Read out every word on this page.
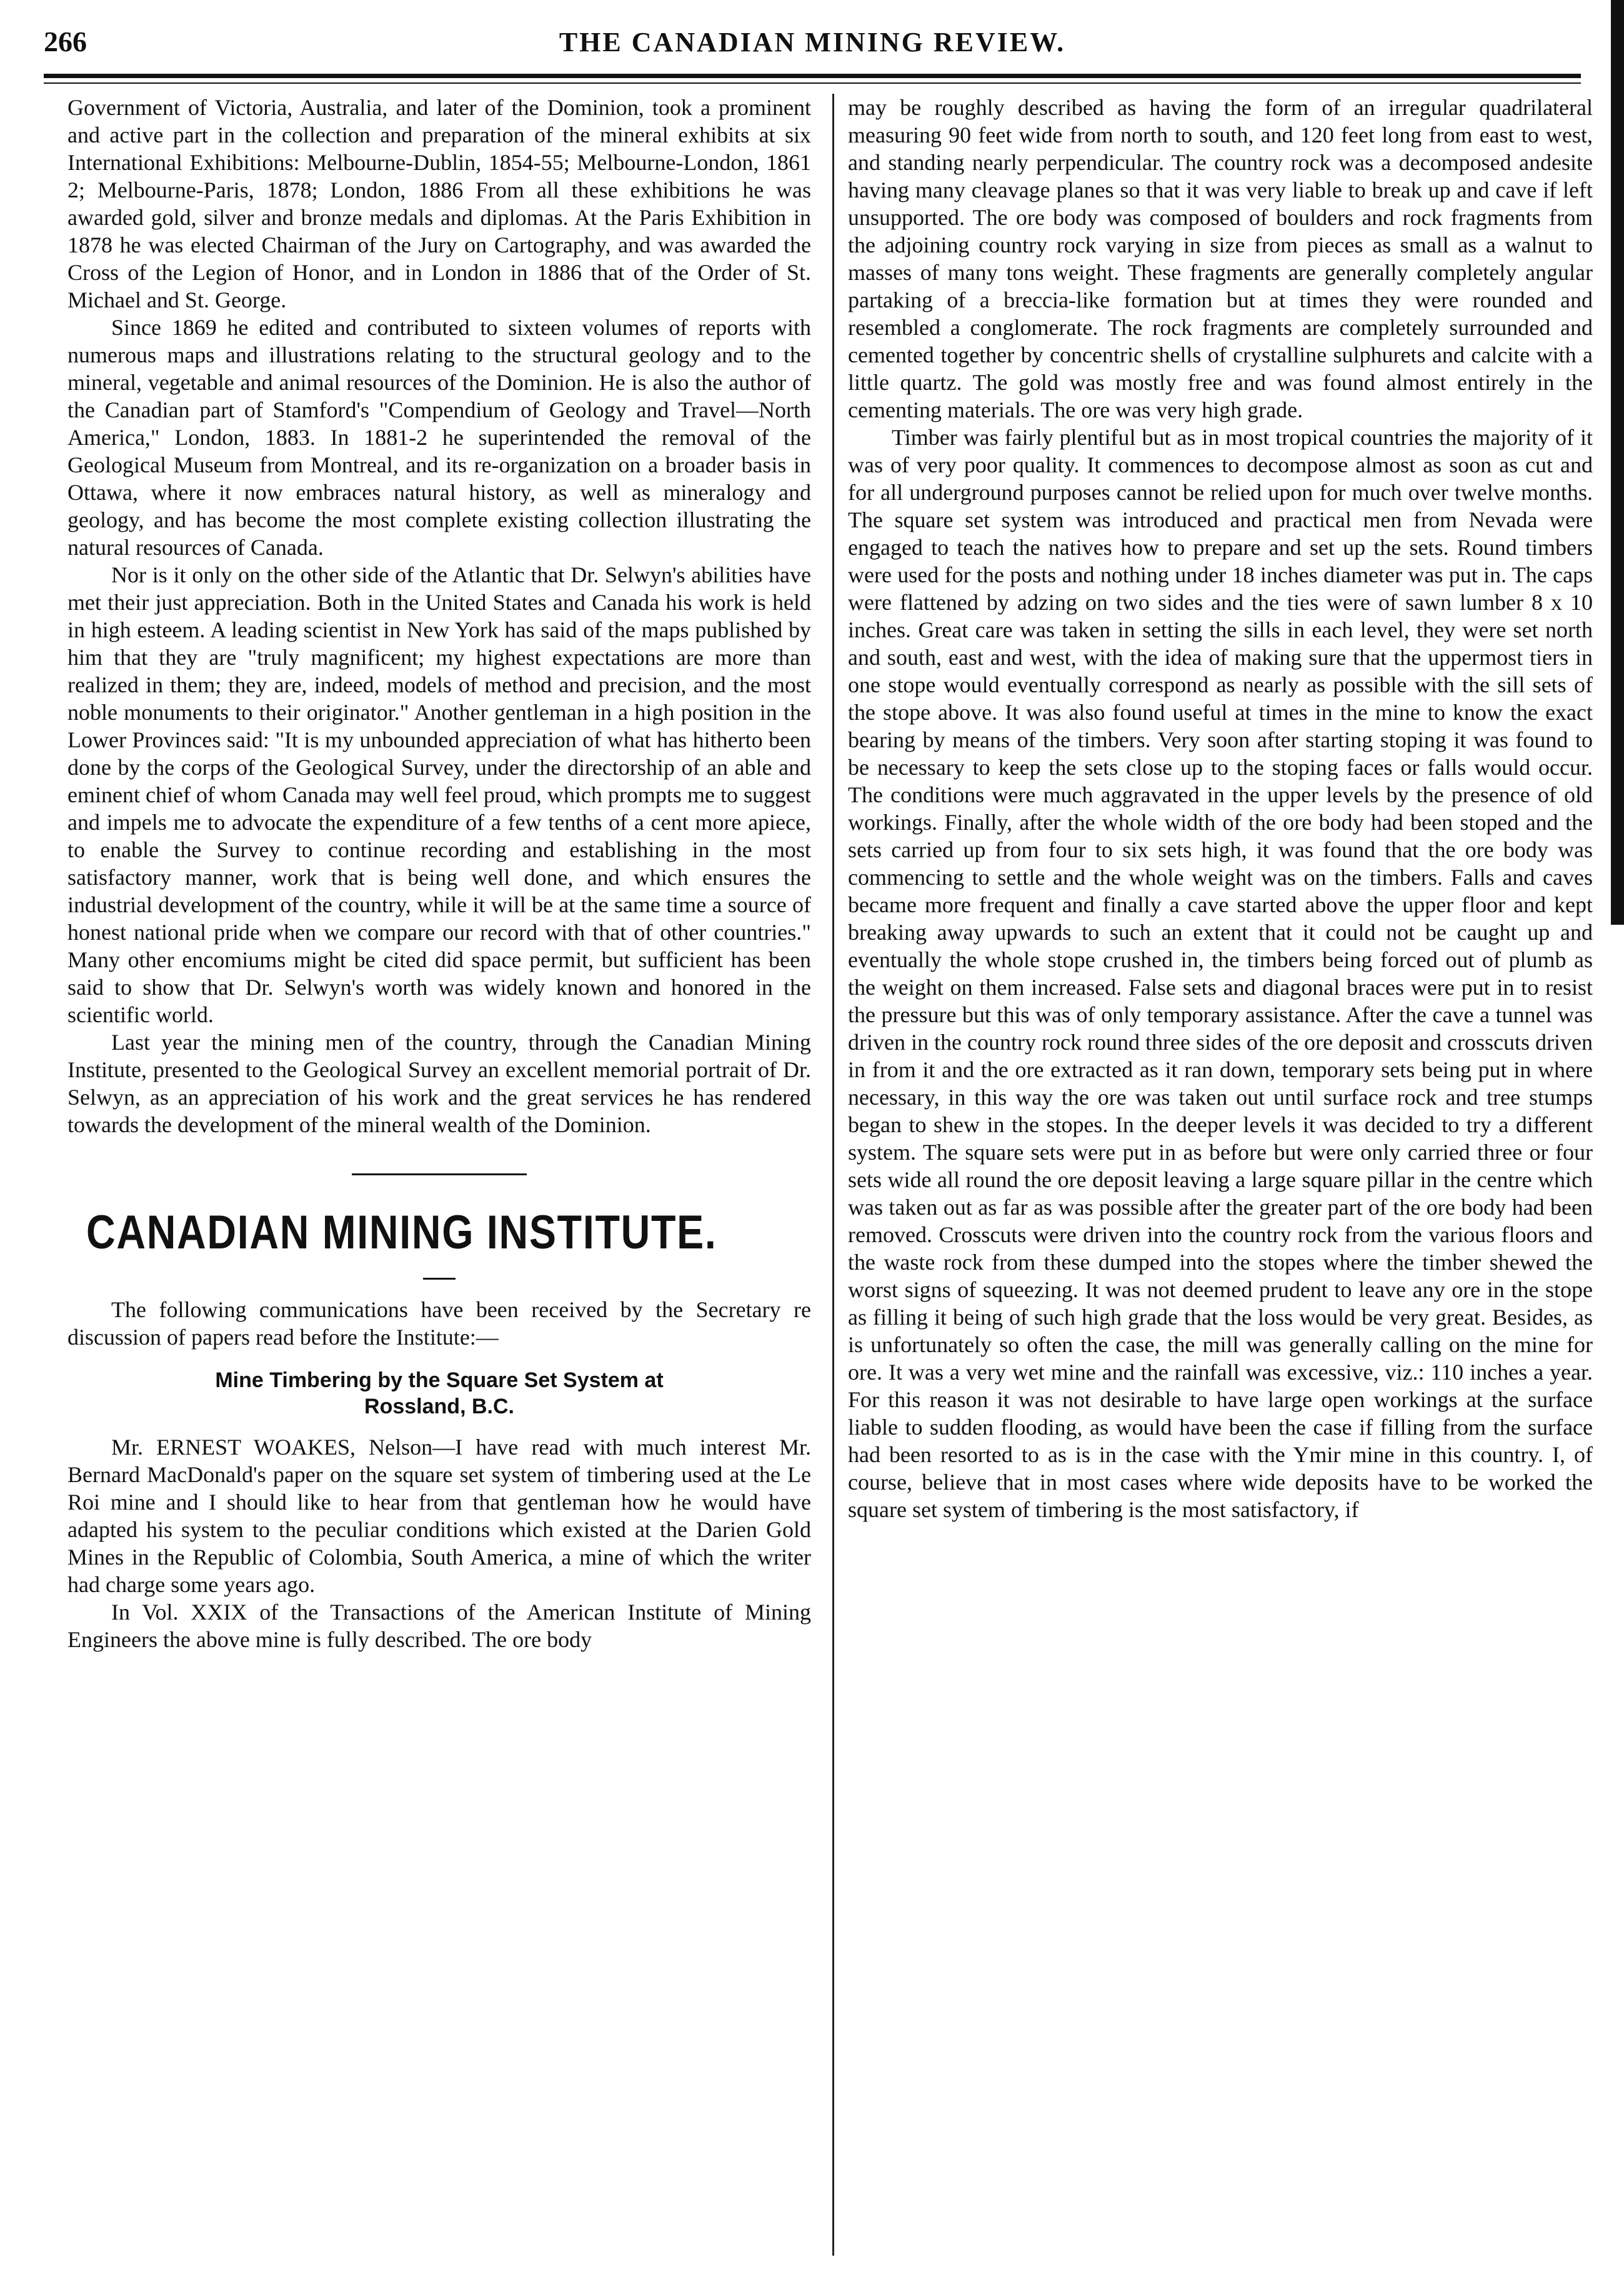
266	THE CANADIAN MINING REVIEW.

Government of Victoria, Australia, and later of the Dominion, took a prominent and active part in the collection and preparation of the mineral exhibits at six International Exhibitions: Melbourne-Dublin, 1854-55; Melbourne-London, 1861 2; Melbourne-Paris, 1878; London, 1886 From all these exhibitions he was awarded gold, silver and bronze medals and diplomas. At the Paris Exhibition in 1878 he was elected Chairman of the Jury on Cartography, and was awarded the Cross of the Legion of Honor, and in London in 1886 that of the Order of St. Michael and St. George.

Since 1869 he edited and contributed to sixteen volumes of reports with numerous maps and illustrations relating to the structural geology and to the mineral, vegetable and animal resources of the Dominion. He is also the author of the Canadian part of Stamford's "Compendium of Geology and Travel—North America," London, 1883. In 1881-2 he superintended the removal of the Geological Museum from Montreal, and its re-organization on a broader basis in Ottawa, where it now embraces natural history, as well as mineralogy and geology, and has become the most complete existing collection illustrating the natural resources of Canada.

Nor is it only on the other side of the Atlantic that Dr. Selwyn's abilities have met their just appreciation. Both in the United States and Canada his work is held in high esteem. A leading scientist in New York has said of the maps published by him that they are "truly magnificent; my highest expectations are more than realized in them; they are, indeed, models of method and precision, and the most noble monuments to their originator." Another gentleman in a high position in the Lower Provinces said: "It is my unbounded appreciation of what has hitherto been done by the corps of the Geological Survey, under the directorship of an able and eminent chief of whom Canada may well feel proud, which prompts me to suggest and impels me to advocate the expenditure of a few tenths of a cent more apiece, to enable the Survey to continue recording and establishing in the most satisfactory manner, work that is being well done, and which ensures the industrial development of the country, while it will be at the same time a source of honest national pride when we compare our record with that of other countries." Many other encomiums might be cited did space permit, but sufficient has been said to show that Dr. Selwyn's worth was widely known and honored in the scientific world.

Last year the mining men of the country, through the Canadian Mining Institute, presented to the Geological Survey an excellent memorial portrait of Dr. Selwyn, as an appreciation of his work and the great services he has rendered towards the development of the mineral wealth of the Dominion.

CANADIAN MINING INSTITUTE.

The following communications have been received by the Secretary re discussion of papers read before the Institute:—

Mine Timbering by the Square Set System at
Rossland, B.C.

Mr. ERNEST WOAKES, Nelson—I have read with much interest Mr. Bernard MacDonald's paper on the square set system of timbering used at the Le Roi mine and I should like to hear from that gentleman how he would have adapted his system to the peculiar conditions which existed at the Darien Gold Mines in the Republic of Colombia, South America, a mine of which the writer had charge some years ago.

In Vol. XXIX of the Transactions of the American Institute of Mining Engineers the above mine is fully described. The ore body

may be roughly described as having the form of an irregular quadrilateral measuring 90 feet wide from north to south, and 120 feet long from east to west, and standing nearly perpendicular. The country rock was a decomposed andesite having many cleavage planes so that it was very liable to break up and cave if left unsupported. The ore body was composed of boulders and rock fragments from the adjoining country rock varying in size from pieces as small as a walnut to masses of many tons weight. These fragments are generally completely angular partaking of a breccia-like formation but at times they were rounded and resembled a conglomerate. The rock fragments are completely surrounded and cemented together by concentric shells of crystalline sulphurets and calcite with a little quartz. The gold was mostly free and was found almost entirely in the cementing materials. The ore was very high grade.

Timber was fairly plentiful but as in most tropical countries the majority of it was of very poor quality. It commences to decompose almost as soon as cut and for all underground purposes cannot be relied upon for much over twelve months. The square set system was introduced and practical men from Nevada were engaged to teach the natives how to prepare and set up the sets. Round timbers were used for the posts and nothing under 18 inches diameter was put in. The caps were flattened by adzing on two sides and the ties were of sawn lumber 8 x 10 inches. Great care was taken in setting the sills in each level, they were set north and south, east and west, with the idea of making sure that the uppermost tiers in one stope would eventually correspond as nearly as possible with the sill sets of the stope above. It was also found useful at times in the mine to know the exact bearing by means of the timbers. Very soon after starting stoping it was found to be necessary to keep the sets close up to the stoping faces or falls would occur. The conditions were much aggravated in the upper levels by the presence of old workings. Finally, after the whole width of the ore body had been stoped and the sets carried up from four to six sets high, it was found that the ore body was commencing to settle and the whole weight was on the timbers. Falls and caves became more frequent and finally a cave started above the upper floor and kept breaking away upwards to such an extent that it could not be caught up and eventually the whole stope crushed in, the timbers being forced out of plumb as the weight on them increased. False sets and diagonal braces were put in to resist the pressure but this was of only temporary assistance. After the cave a tunnel was driven in the country rock round three sides of the ore deposit and crosscuts driven in from it and the ore extracted as it ran down, temporary sets being put in where necessary, in this way the ore was taken out until surface rock and tree stumps began to shew in the stopes. In the deeper levels it was decided to try a different system. The square sets were put in as before but were only carried three or four sets wide all round the ore deposit leaving a large square pillar in the centre which was taken out as far as was possible after the greater part of the ore body had been removed. Crosscuts were driven into the country rock from the various floors and the waste rock from these dumped into the stopes where the timber shewed the worst signs of squeezing. It was not deemed prudent to leave any ore in the stope as filling it being of such high grade that the loss would be very great. Besides, as is unfortunately so often the case, the mill was generally calling on the mine for ore. It was a very wet mine and the rainfall was excessive, viz.: 110 inches a year. For this reason it was not desirable to have large open workings at the surface liable to sudden flooding, as would have been the case if filling from the surface had been resorted to as is in the case with the Ymir mine in this country. I, of course, believe that in most cases where wide deposits have to be worked the square set system of timbering is the most satisfactory, if
